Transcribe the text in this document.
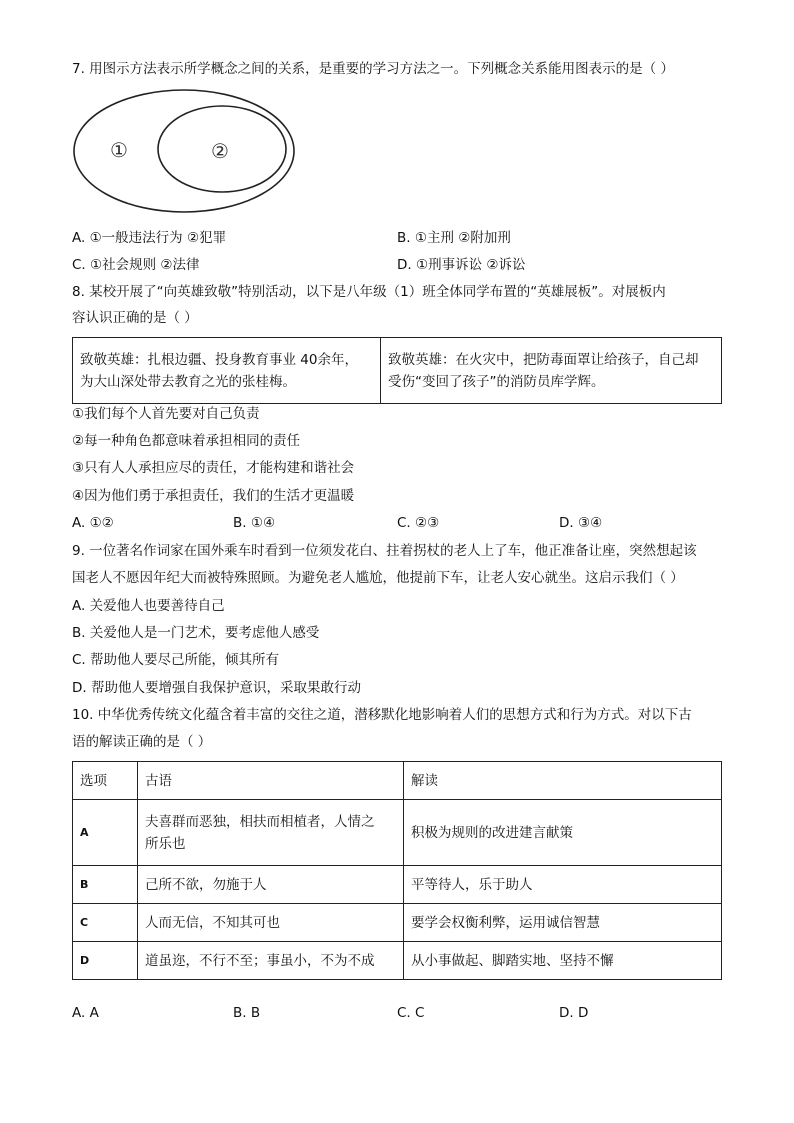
7. 用图示方法表示所学概念之间的关系，是重要的学习方法之一。下列概念关系能用图表示的是（ ）
①	②
A. ①一般违法行为 ②犯罪	B. ①主刑 ②附加刑
C. ①社会规则 ②法律	D. ①刑事诉讼 ②诉讼
8. 某校开展了“向英雄致敬”特别活动，以下是八年级（1）班全体同学布置的“英雄展板”。对展板内
容认识正确的是（ ）
致敬英雄：扎根边疆、投身教育事业 40余年，
为大山深处带去教育之光的张桂梅。

致敬英雄：在火灾中，把防毒面罩让给孩子，自己却
受伤“变回了孩子”的消防员库学辉。
①我们每个人首先要对自己负责
②每一种角色都意味着承担相同的责任
③只有人人承担应尽的责任，才能构建和谐社会
④因为他们勇于承担责任，我们的生活才更温暖
A. ①②	B. ①④	C. ②③	D. ③④
9. 一位著名作词家在国外乘车时看到一位须发花白、拄着拐杖的老人上了车，他正准备让座，突然想起该
国老人不愿因年纪大而被特殊照顾。为避免老人尴尬，他提前下车，让老人安心就坐。这启示我们（ ）
A. 关爱他人也要善待自己
B. 关爱他人是一门艺术，要考虑他人感受
C. 帮助他人要尽己所能，倾其所有
D. 帮助他人要增强自我保护意识，采取果敢行动
10. 中华优秀传统文化蕴含着丰富的交往之道，潜移默化地影响着人们的思想方式和行为方式。对以下古
语的解读正确的是（ ）
选项	古语	解读
A	夫喜群而恶独，相扶而相植者，人情之
所乐也	积极为规则的改进建言献策
B	己所不欲，勿施于人	平等待人，乐于助人
C	人而无信，不知其可也	要学会权衡利弊，运用诚信智慧
D	道虽迩，不行不至；事虽小，不为不成	从小事做起、脚踏实地、坚持不懈
A. A	B. B	C. C	D. D
